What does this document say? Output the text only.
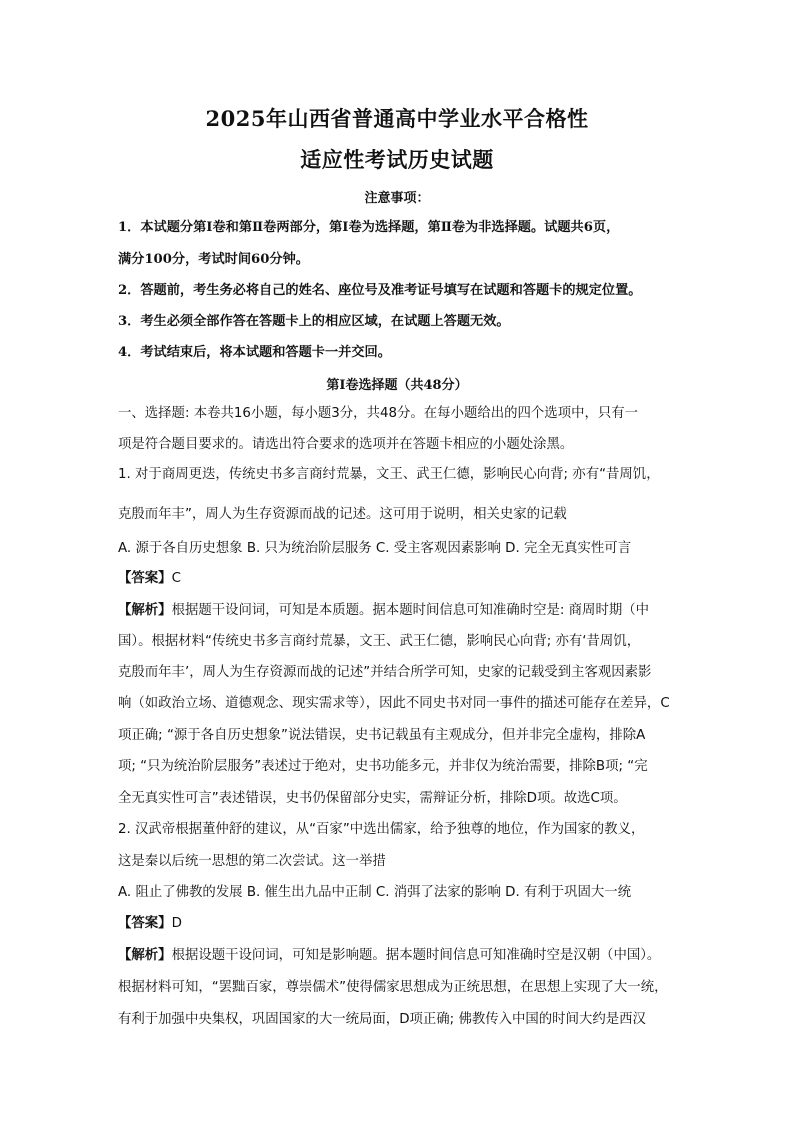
2025年山西省普通高中学业水平合格性
适应性考试历史试题
注意事项：
1．本试题分第Ⅰ卷和第Ⅱ卷两部分，第Ⅰ卷为选择题，第Ⅱ卷为非选择题。试题共6页，
满分100分，考试时间60分钟。
2．答题前，考生务必将自己的姓名、座位号及准考证号填写在试题和答题卡的规定位置。
3．考生必须全部作答在答题卡上的相应区域，在试题上答题无效。
4．考试结束后，将本试题和答题卡一并交回。
第Ⅰ卷选择题（共48分）
一、选择题: 本卷共16小题，每小题3分，共48分。在每小题给出的四个选项中，只有一
项是符合题目要求的。请选出符合要求的选项并在答题卡相应的小题处涂黑。
1. 对于商周更迭，传统史书多言商纣荒暴，文王、武王仁德，影响民心向背; 亦有“昔周饥，
克殷而年丰”，周人为生存资源而战的记述。这可用于说明，相关史家的记载
A. 源于各自历史想象 B. 只为统治阶层服务 C. 受主客观因素影响 D. 完全无真实性可言
【答案】C
【解析】根据题干设问词，可知是本质题。据本题时间信息可知准确时空是: 商周时期（中
国）。根据材料“传统史书多言商纣荒暴，文王、武王仁德，影响民心向背; 亦有‘昔周饥，
克殷而年丰’，周人为生存资源而战的记述”并结合所学可知，史家的记载受到主客观因素影
响（如政治立场、道德观念、现实需求等），因此不同史书对同一事件的描述可能存在差异，C
项正确; “源于各自历史想象”说法错误，史书记载虽有主观成分，但并非完全虚构，排除A
项; “只为统治阶层服务”表述过于绝对，史书功能多元，并非仅为统治需要，排除B项; “完
全无真实性可言”表述错误，史书仍保留部分史实，需辩证分析，排除D项。故选C项。
2. 汉武帝根据董仲舒的建议，从“百家”中选出儒家，给予独尊的地位，作为国家的教义，
这是秦以后统一思想的第二次尝试。这一举措
A. 阻止了佛教的发展 B. 催生出九品中正制 C. 消弭了法家的影响 D. 有利于巩固大一统
【答案】D
【解析】根据设题干设问词，可知是影响题。据本题时间信息可知准确时空是汉朝（中国）。
根据材料可知，“罢黜百家，尊崇儒术”使得儒家思想成为正统思想，在思想上实现了大一统，
有利于加强中央集权，巩固国家的大一统局面，D项正确; 佛教传入中国的时间大约是西汉
